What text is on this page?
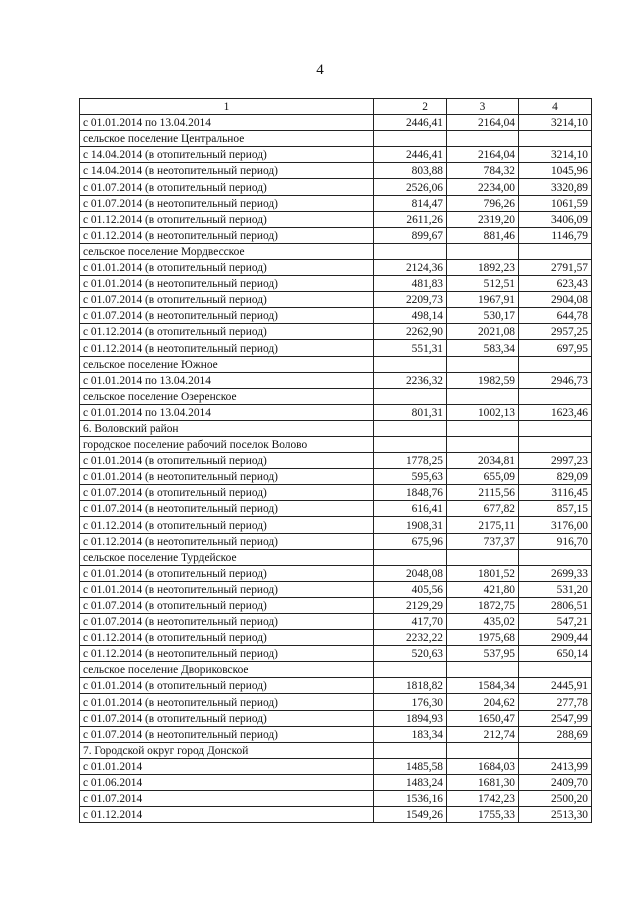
4
1	2	3	4
с 01.01.2014 по 13.04.2014	2446,41	2164,04	3214,10
сельское поселение Центральное			
с 14.04.2014 (в отопительный период)	2446,41	2164,04	3214,10
с 14.04.2014 (в неотопительный период)	803,88	784,32	1045,96
с 01.07.2014 (в отопительный период)	2526,06	2234,00	3320,89
с 01.07.2014 (в неотопительный период)	814,47	796,26	1061,59
с 01.12.2014 (в отопительный период)	2611,26	2319,20	3406,09
с 01.12.2014 (в неотопительный период)	899,67	881,46	1146,79
сельское поселение Мордвесское			
с 01.01.2014 (в отопительный период)	2124,36	1892,23	2791,57
с 01.01.2014 (в неотопительный период)	481,83	512,51	623,43
с 01.07.2014 (в отопительный период)	2209,73	1967,91	2904,08
с 01.07.2014 (в неотопительный период)	498,14	530,17	644,78
с 01.12.2014 (в отопительный период)	2262,90	2021,08	2957,25
с 01.12.2014 (в неотопительный период)	551,31	583,34	697,95
сельское поселение Южное			
с 01.01.2014 по 13.04.2014	2236,32	1982,59	2946,73
сельское поселение Озеренское			
с 01.01.2014 по 13.04.2014	801,31	1002,13	1623,46
6. Воловский район			
городское поселение рабочий поселок Волово			
с 01.01.2014 (в отопительный период)	1778,25	2034,81	2997,23
с 01.01.2014 (в неотопительный период)	595,63	655,09	829,09
с 01.07.2014 (в отопительный период)	1848,76	2115,56	3116,45
с 01.07.2014 (в неотопительный период)	616,41	677,82	857,15
с 01.12.2014 (в отопительный период)	1908,31	2175,11	3176,00
с 01.12.2014 (в неотопительный период)	675,96	737,37	916,70
сельское поселение Турдейское			
с 01.01.2014 (в отопительный период)	2048,08	1801,52	2699,33
с 01.01.2014 (в неотопительный период)	405,56	421,80	531,20
с 01.07.2014 (в отопительный период)	2129,29	1872,75	2806,51
с 01.07.2014 (в неотопительный период)	417,70	435,02	547,21
с 01.12.2014 (в отопительный период)	2232,22	1975,68	2909,44
с 01.12.2014 (в неотопительный период)	520,63	537,95	650,14
сельское поселение Двориковское			
с 01.01.2014 (в отопительный период)	1818,82	1584,34	2445,91
с 01.01.2014 (в неотопительный период)	176,30	204,62	277,78
с 01.07.2014 (в отопительный период)	1894,93	1650,47	2547,99
с 01.07.2014 (в неотопительный период)	183,34	212,74	288,69
7. Городской округ город Донской			
с 01.01.2014	1485,58	1684,03	2413,99
с 01.06.2014	1483,24	1681,30	2409,70
с 01.07.2014	1536,16	1742,23	2500,20
с 01.12.2014	1549,26	1755,33	2513,30
